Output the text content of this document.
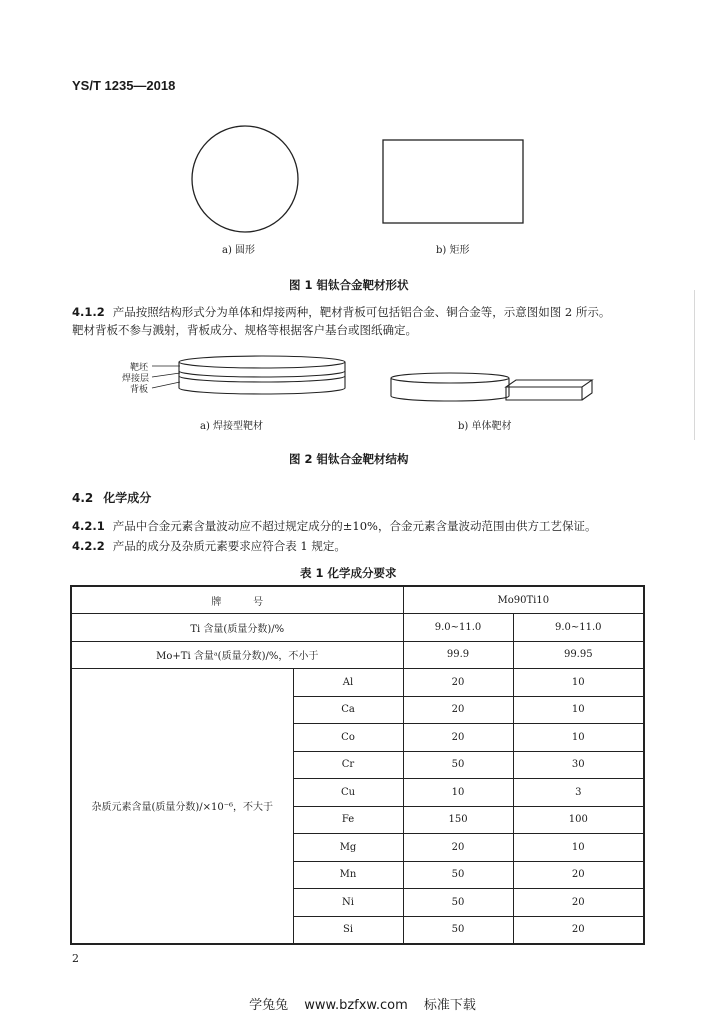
YS/T 1235—2018
a) 圆形	b) 矩形
图 1 钼钛合金靶材形状
4.1.2 产品按照结构形式分为单体和焊接两种，靶材背板可包括铝合金、铜合金等，示意图如图 2 所示。
靶材背板不参与溅射，背板成分、规格等根据客户基台或图纸确定。
靶坯
焊接层
背板
a) 焊接型靶材	b) 单体靶材
图 2 钼钛合金靶材结构
4.2 化学成分
4.2.1 产品中合金元素含量波动应不超过规定成分的±10%，合金元素含量波动范围由供方工艺保证。
4.2.2 产品的成分及杂质元素要求应符合表 1 规定。
表 1 化学成分要求
牌          号		Mo90Ti10	
Ti 含量(质量分数)/%		9.0~11.0	9.0~11.0
Mo+Ti 含量ᵃ(质量分数)/%，不小于		99.9	99.95
杂质元素含量(质量分数)/×10⁻⁶，不大于	Al	20	10
	Ca	20	10
	Co	20	10
	Cr	50	30
	Cu	10	3
	Fe	150	100
	Mg	20	10
	Mn	50	20
	Ni	50	20
	Si	50	20
2
学兔兔 www.bzfxw.com 标准下载
